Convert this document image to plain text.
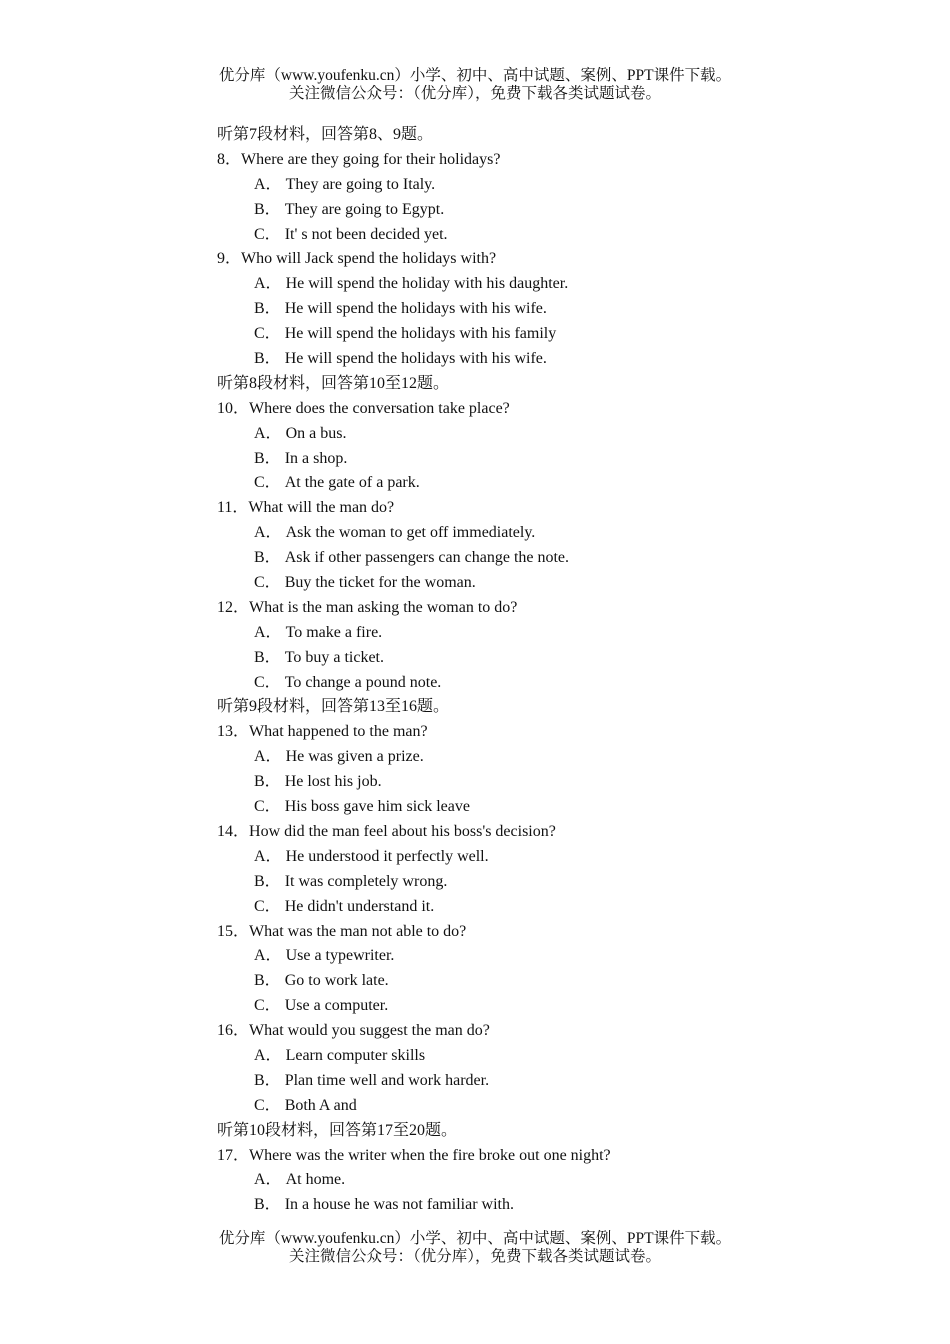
优分库（www.youfenku.cn）小学、初中、高中试题、案例、PPT课件下载。
关注微信公众号：（优分库），免费下载各类试题试卷。
听第7段材料，回答第8、9题。
8．Where are they going for their holidays?
A． They are going to Italy.
B． They are going to Egypt.
C． It' s not been decided yet.
9．Who will Jack spend the holidays with?
A． He will spend the holiday with his daughter.
B． He will spend the holidays with his wife.
C． He will spend the holidays with his family
B． He will spend the holidays with his wife.
听第8段材料，回答第10至12题。
10．Where does the conversation take place?
A． On a bus.
B． In a shop.
C． At the gate of a park.
11．What will the man do?
A． Ask the woman to get off immediately.
B． Ask if other passengers can change the note.
C． Buy the ticket for the woman.
12．What is the man asking the woman to do?
A． To make a fire.
B． To buy a ticket.
C． To change a pound note.
听第9段材料，回答第13至16题。
13．What happened to the man?
A． He was given a prize.
B． He lost his job.
C． His boss gave him sick leave
14．How did the man feel about his boss's decision?
A． He understood it perfectly well.
B． It was completely wrong.
C． He didn't understand it.
15．What was the man not able to do?
A． Use a typewriter.
B． Go to work late.
C． Use a computer.
16．What would you suggest the man do?
A． Learn computer skills
B． Plan time well and work harder.
C． Both A and
听第10段材料，回答第17至20题。
17．Where was the writer when the fire broke out one night?
A． At home.
B． In a house he was not familiar with.
优分库（www.youfenku.cn）小学、初中、高中试题、案例、PPT课件下载。
关注微信公众号：（优分库），免费下载各类试题试卷。
